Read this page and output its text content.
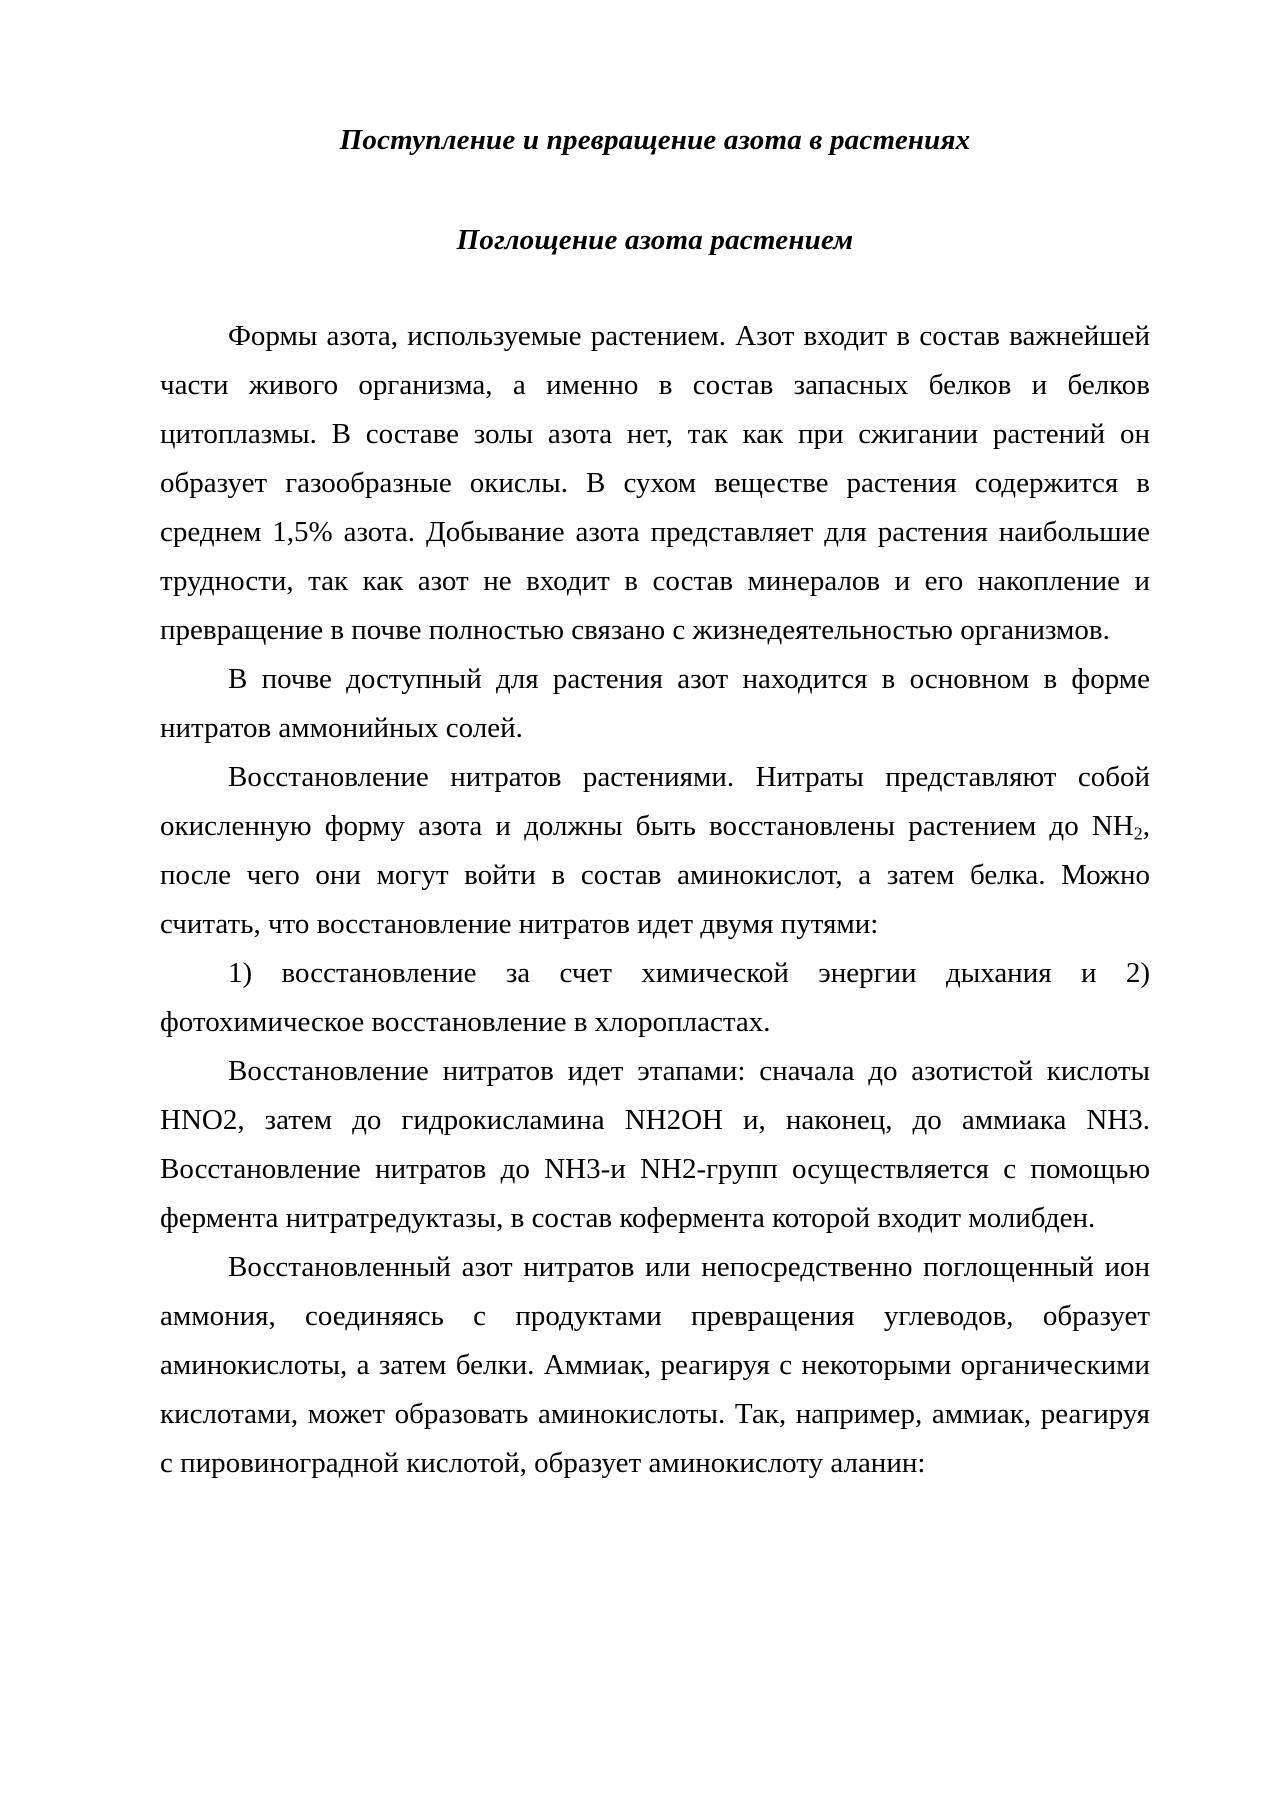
Поступление и превращение азота в растениях
Поглощение азота растением

Формы азота, используемые растением. Азот входит в состав важнейшей части живого организма, а именно в состав запасных белков и белков цитоплазмы. В составе золы азота нет, так как при сжигании растений он образует газообразные окислы. В сухом веществе растения содержится в среднем 1,5% азота. Добывание азота представляет для растения наибольшие трудности, так как азот не входит в состав минералов и его накопление и превращение в почве полностью связано с жизнедеятельностью организмов.

В почве доступный для растения азот находится в основном в форме нитратов аммонийных солей.

Восстановление нитратов растениями. Нитраты представляют собой окисленную форму азота и должны быть восстановлены растением до $NH_2$, после чего они могут войти в состав аминокислот, а затем белка. Можно считать, что восстановление нитратов идет двумя путями:

1) восстановление за счет химической энергии дыхания и 2) фотохимическое восстановление в хлоропластах.

Восстановление нитратов идет этапами: сначала до азотистой кислоты HNO2, затем до гидрокисламина NH2OH и, наконец, до аммиака NH3. Восстановление нитратов до NH3-и NH2-групп осуществляется с помощью фермента нитратредуктазы, в состав кофермента которой входит молибден.

Восстановленный азот нитратов или непосредственно поглощенный ион аммония, соединяясь с продуктами превращения углеводов, образует аминокислоты, а затем белки. Аммиак, реагируя с некоторыми органическими кислотами, может образовать аминокислоты. Так, например, аммиак, реагируя с пировиноградной кислотой, образует аминокислоту аланин:
